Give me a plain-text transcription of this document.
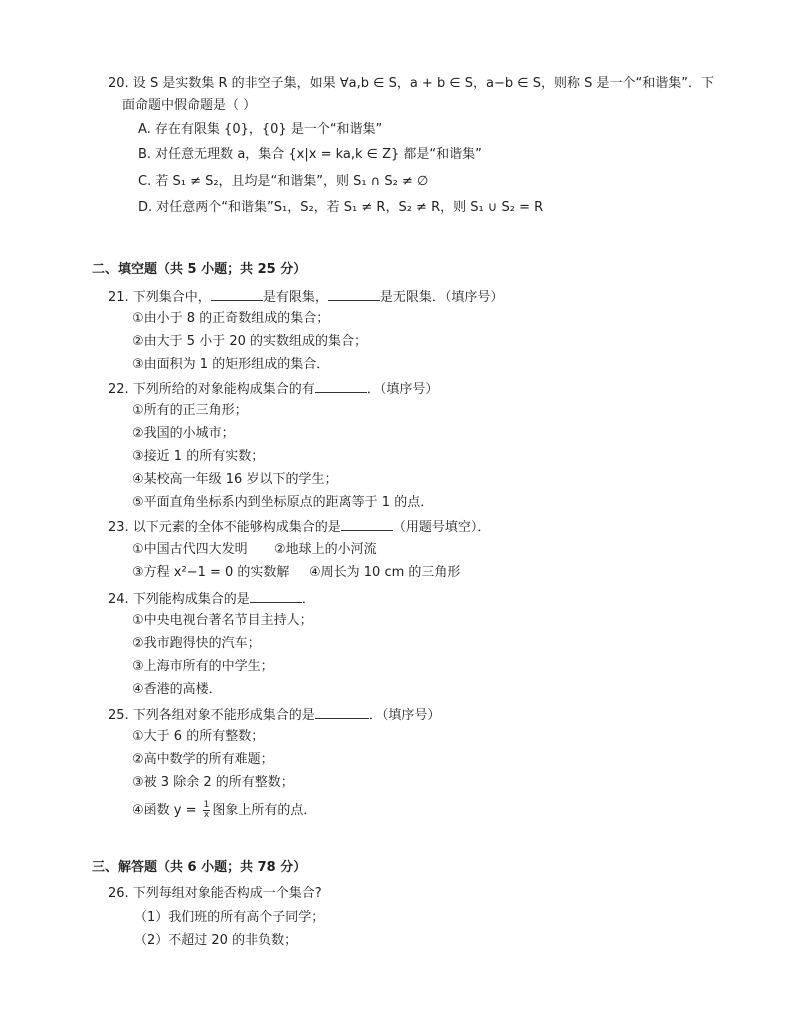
20. 设 S 是实数集 R 的非空子集，如果 ∀a,b ∈ S，a + b ∈ S，a−b ∈ S，则称 S 是一个“和谐集”．下
面命题中假命题是（ ）
A. 存在有限集 {0}，{0} 是一个“和谐集”
B. 对任意无理数 a，集合 {x|x = ka,k ∈ Z} 都是“和谐集”
C. 若 S₁ ≠ S₂，且均是“和谐集”，则 S₁ ∩ S₂ ≠ ∅
D. 对任意两个“和谐集”S₁，S₂，若 S₁ ≠ R，S₂ ≠ R，则 S₁ ∪ S₂ = R
二、填空题（共 5 小题；共 25 分）
21. 下列集合中，	是有限集，	是无限集．（填序号）
①由小于 8 的正奇数组成的集合；
②由大于 5 小于 20 的实数组成的集合；
③由面积为 1 的矩形组成的集合．
22. 下列所给的对象能构成集合的有	．（填序号）
①所有的正三角形；
②我国的小城市；
③接近 1 的所有实数；
④某校高一年级 16 岁以下的学生；
⑤平面直角坐标系内到坐标原点的距离等于 1 的点．
23. 以下元素的全体不能够构成集合的是	（用题号填空）．
①中国古代四大发明 ②地球上的小河流
③方程 x²−1 = 0 的实数解 ④周长为 10 cm 的三角形
24. 下列能构成集合的是	．
①中央电视台著名节目主持人；
②我市跑得快的汽车；
③上海市所有的中学生；
④香港的高楼．
25. 下列各组对象不能形成集合的是	．（填序号）
①大于 6 的所有整数；
②高中数学的所有难题；
③被 3 除余 2 的所有整数；
④函数 $y = \frac{1}{x}$ 图象上所有的点．
三、解答题（共 6 小题；共 78 分）
26. 下列每组对象能否构成一个集合?
（1）我们班的所有高个子同学；
（2）不超过 20 的非负数；
